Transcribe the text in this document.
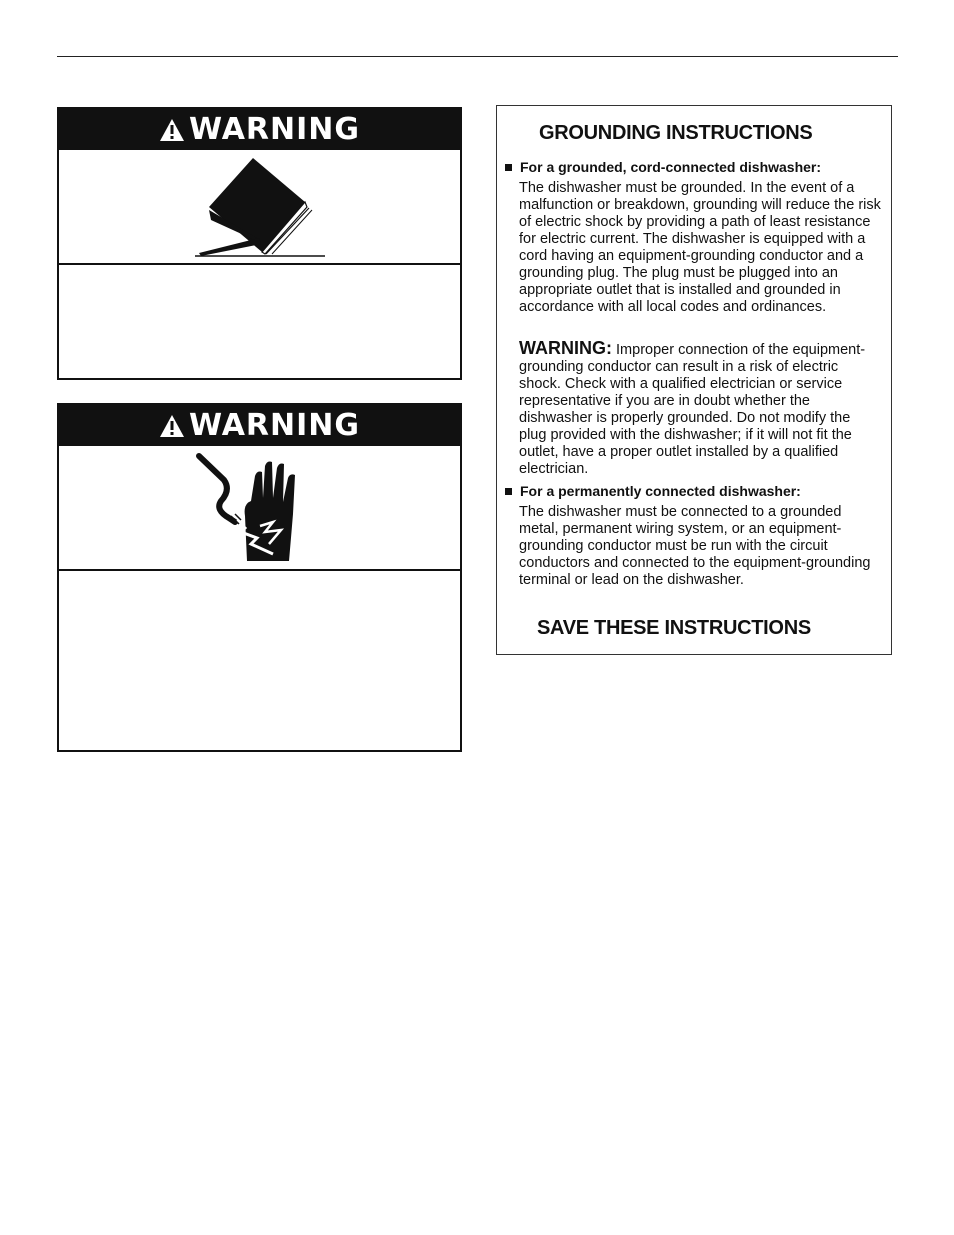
WARNING
WARNING
GROUNDING INSTRUCTIONS
For a grounded, cord-connected dishwasher:
The dishwasher must be grounded. In the event of a malfunction or breakdown, grounding will reduce the risk of electric shock by providing a path of least resistance for electric current. The dishwasher is equipped with a cord having an equipment-grounding conductor and a grounding plug. The plug must be plugged into an appropriate outlet that is installed and grounded in accordance with all local codes and ordinances.
WARNING: Improper connection of the equipment-grounding conductor can result in a risk of electric shock. Check with a qualified electrician or service representative if you are in doubt whether the dishwasher is properly grounded. Do not modify the plug provided with the dishwasher; if it will not fit the outlet, have a proper outlet installed by a qualified electrician.
For a permanently connected dishwasher:
The dishwasher must be connected to a grounded metal, permanent wiring system, or an equipment-grounding conductor must be run with the circuit conductors and connected to the equipment-grounding terminal or lead on the dishwasher.
SAVE THESE INSTRUCTIONS
